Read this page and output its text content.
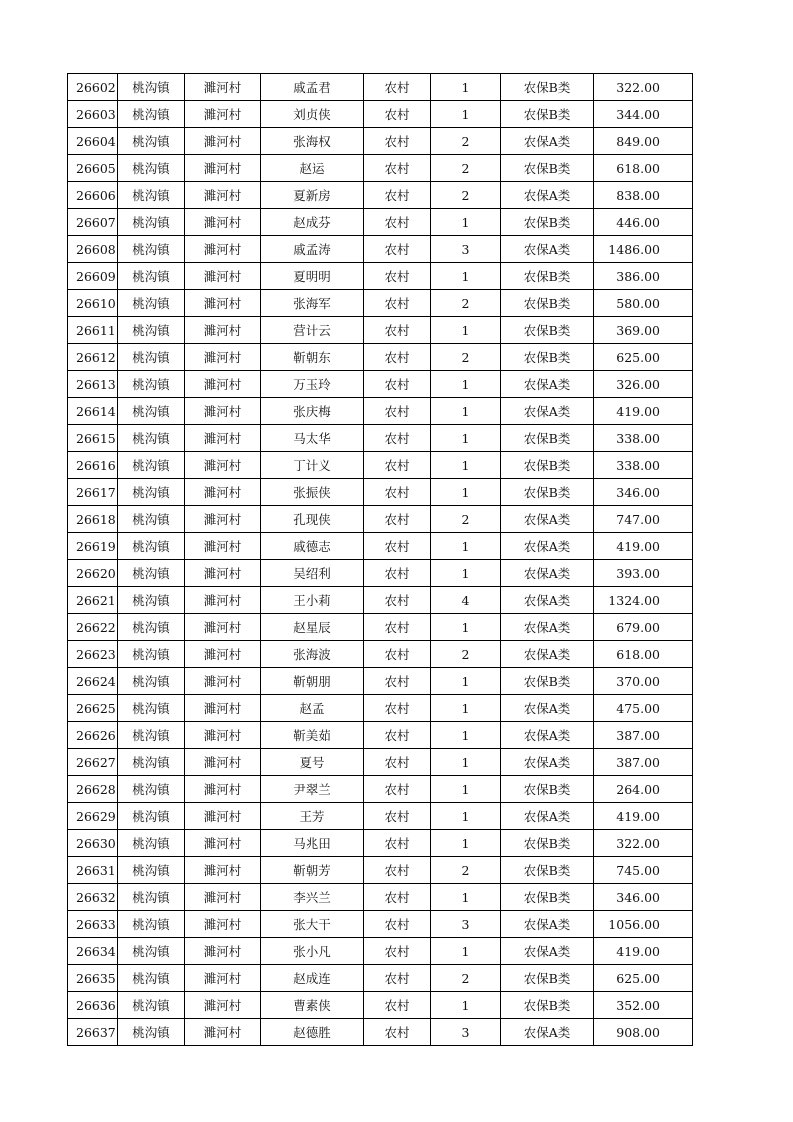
26602	桃沟镇	濉河村	戚孟君	农村	1	农保B类	322.00
26603	桃沟镇	濉河村	刘贞侠	农村	1	农保B类	344.00
26604	桃沟镇	濉河村	张海权	农村	2	农保A类	849.00
26605	桃沟镇	濉河村	赵运	农村	2	农保B类	618.00
26606	桃沟镇	濉河村	夏新房	农村	2	农保A类	838.00
26607	桃沟镇	濉河村	赵成芬	农村	1	农保B类	446.00
26608	桃沟镇	濉河村	戚孟涛	农村	3	农保A类	1486.00
26609	桃沟镇	濉河村	夏明明	农村	1	农保B类	386.00
26610	桃沟镇	濉河村	张海军	农村	2	农保B类	580.00
26611	桃沟镇	濉河村	营计云	农村	1	农保B类	369.00
26612	桃沟镇	濉河村	靳朝东	农村	2	农保B类	625.00
26613	桃沟镇	濉河村	万玉玲	农村	1	农保A类	326.00
26614	桃沟镇	濉河村	张庆梅	农村	1	农保A类	419.00
26615	桃沟镇	濉河村	马太华	农村	1	农保B类	338.00
26616	桃沟镇	濉河村	丁计义	农村	1	农保B类	338.00
26617	桃沟镇	濉河村	张振侠	农村	1	农保B类	346.00
26618	桃沟镇	濉河村	孔现侠	农村	2	农保A类	747.00
26619	桃沟镇	濉河村	戚德志	农村	1	农保A类	419.00
26620	桃沟镇	濉河村	吴绍利	农村	1	农保A类	393.00
26621	桃沟镇	濉河村	王小莉	农村	4	农保A类	1324.00
26622	桃沟镇	濉河村	赵星辰	农村	1	农保A类	679.00
26623	桃沟镇	濉河村	张海波	农村	2	农保A类	618.00
26624	桃沟镇	濉河村	靳朝朋	农村	1	农保B类	370.00
26625	桃沟镇	濉河村	赵孟	农村	1	农保A类	475.00
26626	桃沟镇	濉河村	靳美茹	农村	1	农保A类	387.00
26627	桃沟镇	濉河村	夏号	农村	1	农保A类	387.00
26628	桃沟镇	濉河村	尹翠兰	农村	1	农保B类	264.00
26629	桃沟镇	濉河村	王芳	农村	1	农保A类	419.00
26630	桃沟镇	濉河村	马兆田	农村	1	农保B类	322.00
26631	桃沟镇	濉河村	靳朝芳	农村	2	农保B类	745.00
26632	桃沟镇	濉河村	李兴兰	农村	1	农保B类	346.00
26633	桃沟镇	濉河村	张大干	农村	3	农保A类	1056.00
26634	桃沟镇	濉河村	张小凡	农村	1	农保A类	419.00
26635	桃沟镇	濉河村	赵成连	农村	2	农保B类	625.00
26636	桃沟镇	濉河村	曹素侠	农村	1	农保B类	352.00
26637	桃沟镇	濉河村	赵德胜	农村	3	农保A类	908.00
